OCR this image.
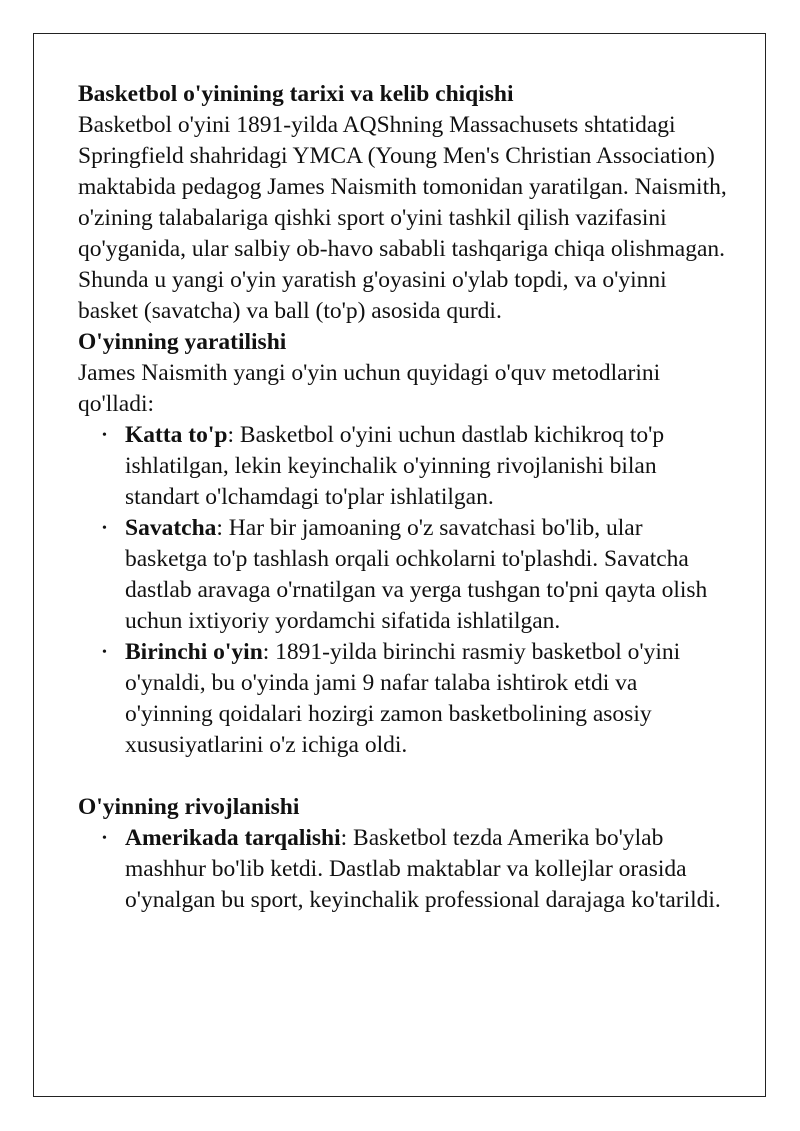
Basketbol o'yinining tarixi va kelib chiqishi

Basketbol o'yini 1891-yilda AQShning Massachusets shtatidagi Springfield shahridagi YMCA (Young Men's Christian Association) maktabida pedagog James Naismith tomonidan yaratilgan. Naismith, o'zining talabalariga qishki sport o'yini tashkil qilish vazifasini qo'yganida, ular salbiy ob-havo sababli tashqariga chiqa olishmagan. Shunda u yangi o'yin yaratish g'oyasini o'ylab topdi, va o'yinni basket (savatcha) va ball (to'p) asosida qurdi.

O'yinning yaratilishi

James Naismith yangi o'yin uchun quyidagi o'quv metodlarini qo'lladi:

• Katta to'p: Basketbol o'yini uchun dastlab kichikroq to'p ishlatilgan, lekin keyinchalik o'yinning rivojlanishi bilan standart o'lchamdagi to'plar ishlatilgan.
• Savatcha: Har bir jamoaning o'z savatchasi bo'lib, ular basketga to'p tashlash orqali ochkolarni to'plashdi. Savatcha dastlab aravaga o'rnatilgan va yerga tushgan to'pni qayta olish uchun ixtiyoriy yordamchi sifatida ishlatilgan.
• Birinchi o'yin: 1891-yilda birinchi rasmiy basketbol o'yini o'ynaldi, bu o'yinda jami 9 nafar talaba ishtirok etdi va o'yinning qoidalari hozirgi zamon basketbolining asosiy xususiyatlarini o'z ichiga oldi.
O'yinning rivojlanishi
• Amerikada tarqalishi: Basketbol tezda Amerika bo'ylab mashhur bo'lib ketdi. Dastlab maktablar va kollejlar orasida o'ynalgan bu sport, keyinchalik professional darajaga ko'tarildi.
